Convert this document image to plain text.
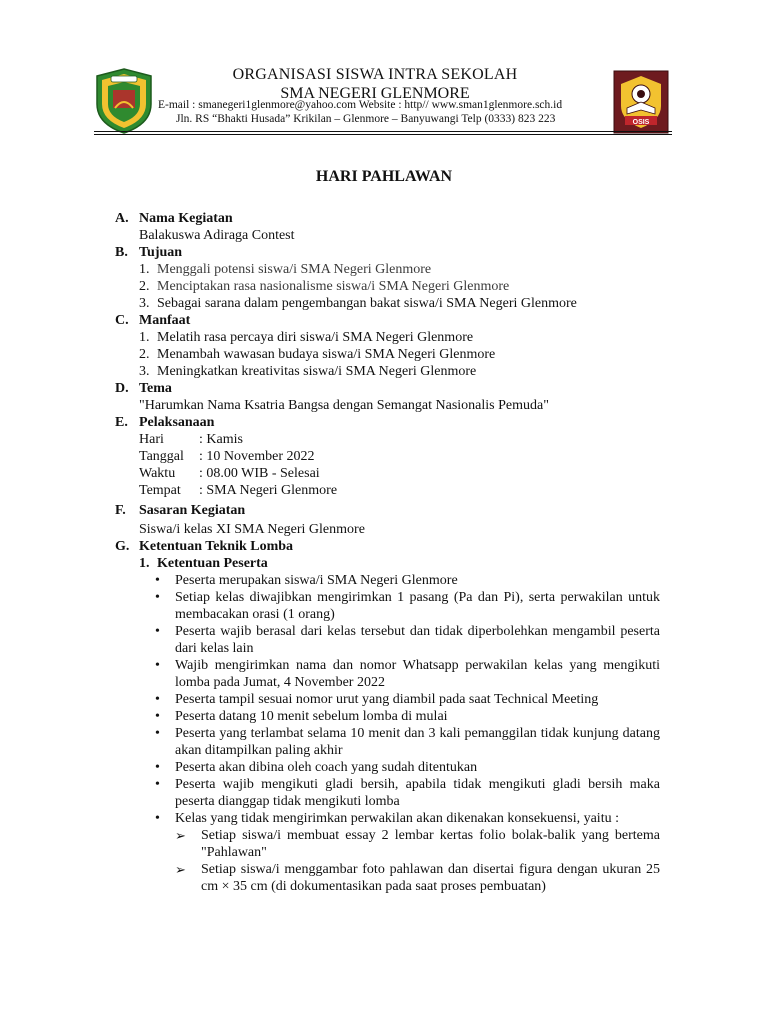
OSIS
ORGANISASI SISWA INTRA SEKOLAH
SMA NEGERI GLENMORE
E-mail : smanegeri1glenmore@yahoo.com Website : http// www.sman1glenmore.sch.id
Jln. RS “Bhakti Husada” Krikilan – Glenmore – Banyuwangi Telp (0333) 823 223
HARI PAHLAWAN
A. Nama Kegiatan
Balakuswa Adiraga Contest
B. Tujuan
1. Menggali potensi siswa/i SMA Negeri Glenmore
2. Menciptakan rasa nasionalisme siswa/i SMA Negeri Glenmore
3. Sebagai sarana dalam pengembangan bakat siswa/i SMA Negeri Glenmore
C. Manfaat
1. Melatih rasa percaya diri siswa/i SMA Negeri Glenmore
2. Menambah wawasan budaya siswa/i SMA Negeri Glenmore
3. Meningkatkan kreativitas siswa/i SMA Negeri Glenmore
D. Tema
"Harumkan Nama Ksatria Bangsa dengan Semangat Nasionalis Pemuda"
E. Pelaksanaan
Hari	: Kamis
Tanggal	: 10 November 2022
Waktu	: 08.00 WIB - Selesai
Tempat	: SMA Negeri Glenmore
F. Sasaran Kegiatan
Siswa/i kelas XI SMA Negeri Glenmore
G. Ketentuan Teknik Lomba
1. Ketentuan Peserta
• Peserta merupakan siswa/i SMA Negeri Glenmore
• Setiap kelas diwajibkan mengirimkan 1 pasang (Pa dan Pi), serta perwakilan untuk membacakan orasi (1 orang)
• Peserta wajib berasal dari kelas tersebut dan tidak diperbolehkan mengambil peserta dari kelas lain
• Wajib mengirimkan nama dan nomor Whatsapp perwakilan kelas yang mengikuti lomba pada Jumat, 4 November 2022
• Peserta tampil sesuai nomor urut yang diambil pada saat Technical Meeting
• Peserta datang 10 menit sebelum lomba di mulai
• Peserta yang terlambat selama 10 menit dan 3 kali pemanggilan tidak kunjung datang akan ditampilkan paling akhir
• Peserta akan dibina oleh coach yang sudah ditentukan
• Peserta wajib mengikuti gladi bersih, apabila tidak mengikuti gladi bersih maka peserta dianggap tidak mengikuti lomba
• Kelas yang tidak mengirimkan perwakilan akan dikenakan konsekuensi, yaitu :
➢ Setiap siswa/i membuat essay 2 lembar kertas folio bolak-balik yang bertema "Pahlawan"
➢ Setiap siswa/i menggambar foto pahlawan dan disertai figura dengan ukuran 25 cm × 35 cm (di dokumentasikan pada saat proses pembuatan)
